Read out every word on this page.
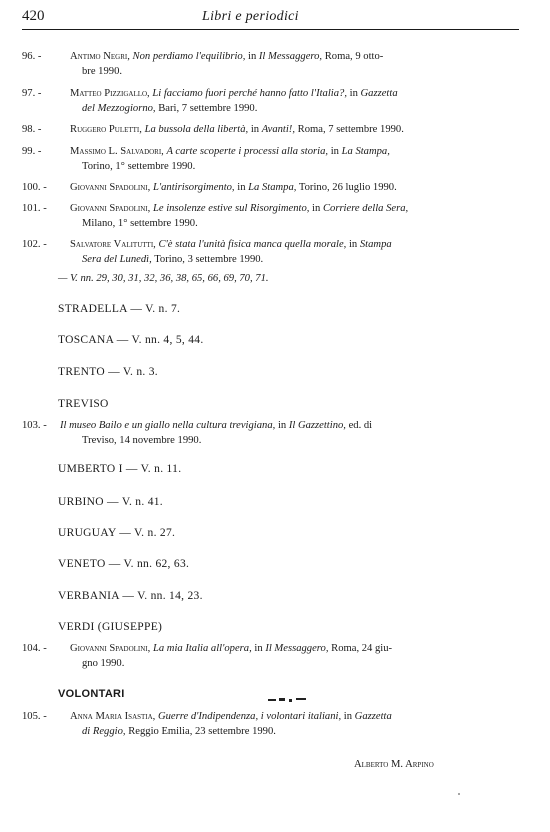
420	Libri e periodici
96. -	Antimo Negri, Non perdiamo l'equilibrio, in Il Messaggero, Roma, 9 otto-
bre 1990.
97. -	Matteo Pizzigallo, Li facciamo fuori perché hanno fatto l'Italia?, in Gazzetta
del Mezzogiorno, Bari, 7 settembre 1990.
98. -	Ruggero Puletti, La bussola della libertà, in Avanti!, Roma, 7 settembre 1990.
99. -	Massimo L. Salvadori, A carte scoperte i processi alla storia, in La Stampa,
Torino, 1° settembre 1990.
100. -	Giovanni Spadolini, L'antirisorgimento, in La Stampa, Torino, 26 luglio 1990.
101. -	Giovanni Spadolini, Le insolenze estive sul Risorgimento, in Corriere della Sera,
Milano, 1° settembre 1990.
102. -	Salvatore Valitutti, C'è stata l'unità fisica manca quella morale, in Stampa
Sera del Lunedì, Torino, 3 settembre 1990.
— V. nn. 29, 30, 31, 32, 36, 38, 65, 66, 69, 70, 71.
STRADELLA — V. n. 7.
TOSCANA — V. nn. 4, 5, 44.
TRENTO — V. n. 3.
TREVISO
103. -	Il museo Bailo e un giallo nella cultura trevigiana, in Il Gazzettino, ed. di
Treviso, 14 novembre 1990.
UMBERTO I — V. n. 11.
URBINO — V. n. 41.
URUGUAY — V. n. 27.
VENETO — V. nn. 62, 63.
VERBANIA — V. nn. 14, 23.
VERDI (GIUSEPPE)
104. -	Giovanni Spadolini, La mia Italia all'opera, in Il Messaggero, Roma, 24 giu-
gno 1990.
VOLONTARI
105. -	Anna Maria Isastia, Guerre d'Indipendenza, i volontari italiani, in Gazzetta
di Reggio, Reggio Emilia, 23 settembre 1990.
Alberto M. Arpino
